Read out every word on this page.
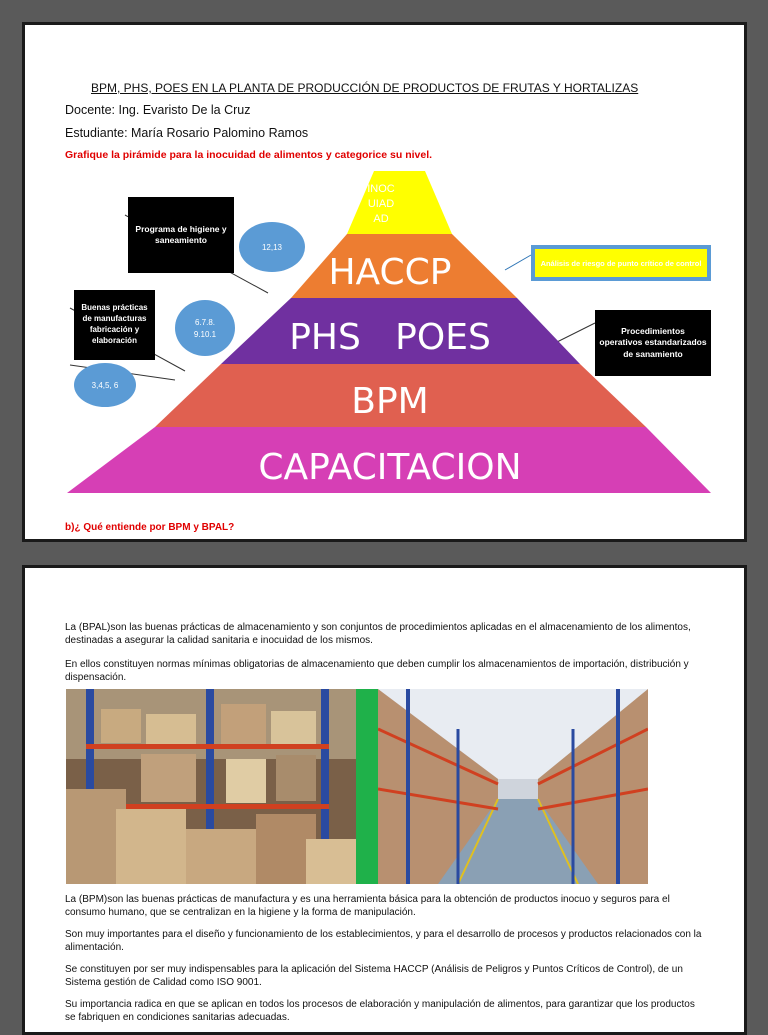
BPM, PHS, POES EN LA PLANTA DE PRODUCCIÓN DE PRODUCTOS DE FRUTAS Y HORTALIZAS
Docente: Ing. Evaristo De la Cruz
Estudiante: María Rosario Palomino Ramos
Grafique la pirámide para la inocuidad de alimentos y categorice su nivel.
INOC UIAD AD
HACCP
PHS   POES
BPM
CAPACITACION
12,13
6.7.8.
9.10.1
3,4,5, 6
Programa de higiene y saneamiento
Buenas prácticas de manufacturas fabricación y elaboración
Procedimientos operativos estandarizados de sanamiento
Análisis de riesgo de punto crítico de control
b)¿ Qué entiende por BPM y BPAL?
La (BPAL)son las buenas prácticas de almacenamiento y son conjuntos de procedimientos aplicadas en el almacenamiento de los alimentos, destinadas a asegurar la calidad sanitaria e inocuidad de los mismos.
En ellos constituyen normas mínimas obligatorias de almacenamiento que deben cumplir los almacenamientos de importación, distribución y dispensación.
La (BPM)son las buenas prácticas de manufactura y es una herramienta básica para la obtención de productos inocuo y seguros para el consumo humano, que se centralizan en la higiene y la forma de manipulación.
Son muy importantes para el diseño y funcionamiento de los establecimientos, y para el desarrollo de procesos y productos relacionados con la alimentación.
Se constituyen por ser muy indispensables para la aplicación del Sistema HACCP (Análisis de Peligros y Puntos Críticos de Control), de un Sistema gestión de Calidad como ISO 9001.
Su importancia radica en que se aplican en todos los procesos de elaboración y manipulación de alimentos, para garantizar que los productos se fabriquen en condiciones sanitarias adecuadas.
